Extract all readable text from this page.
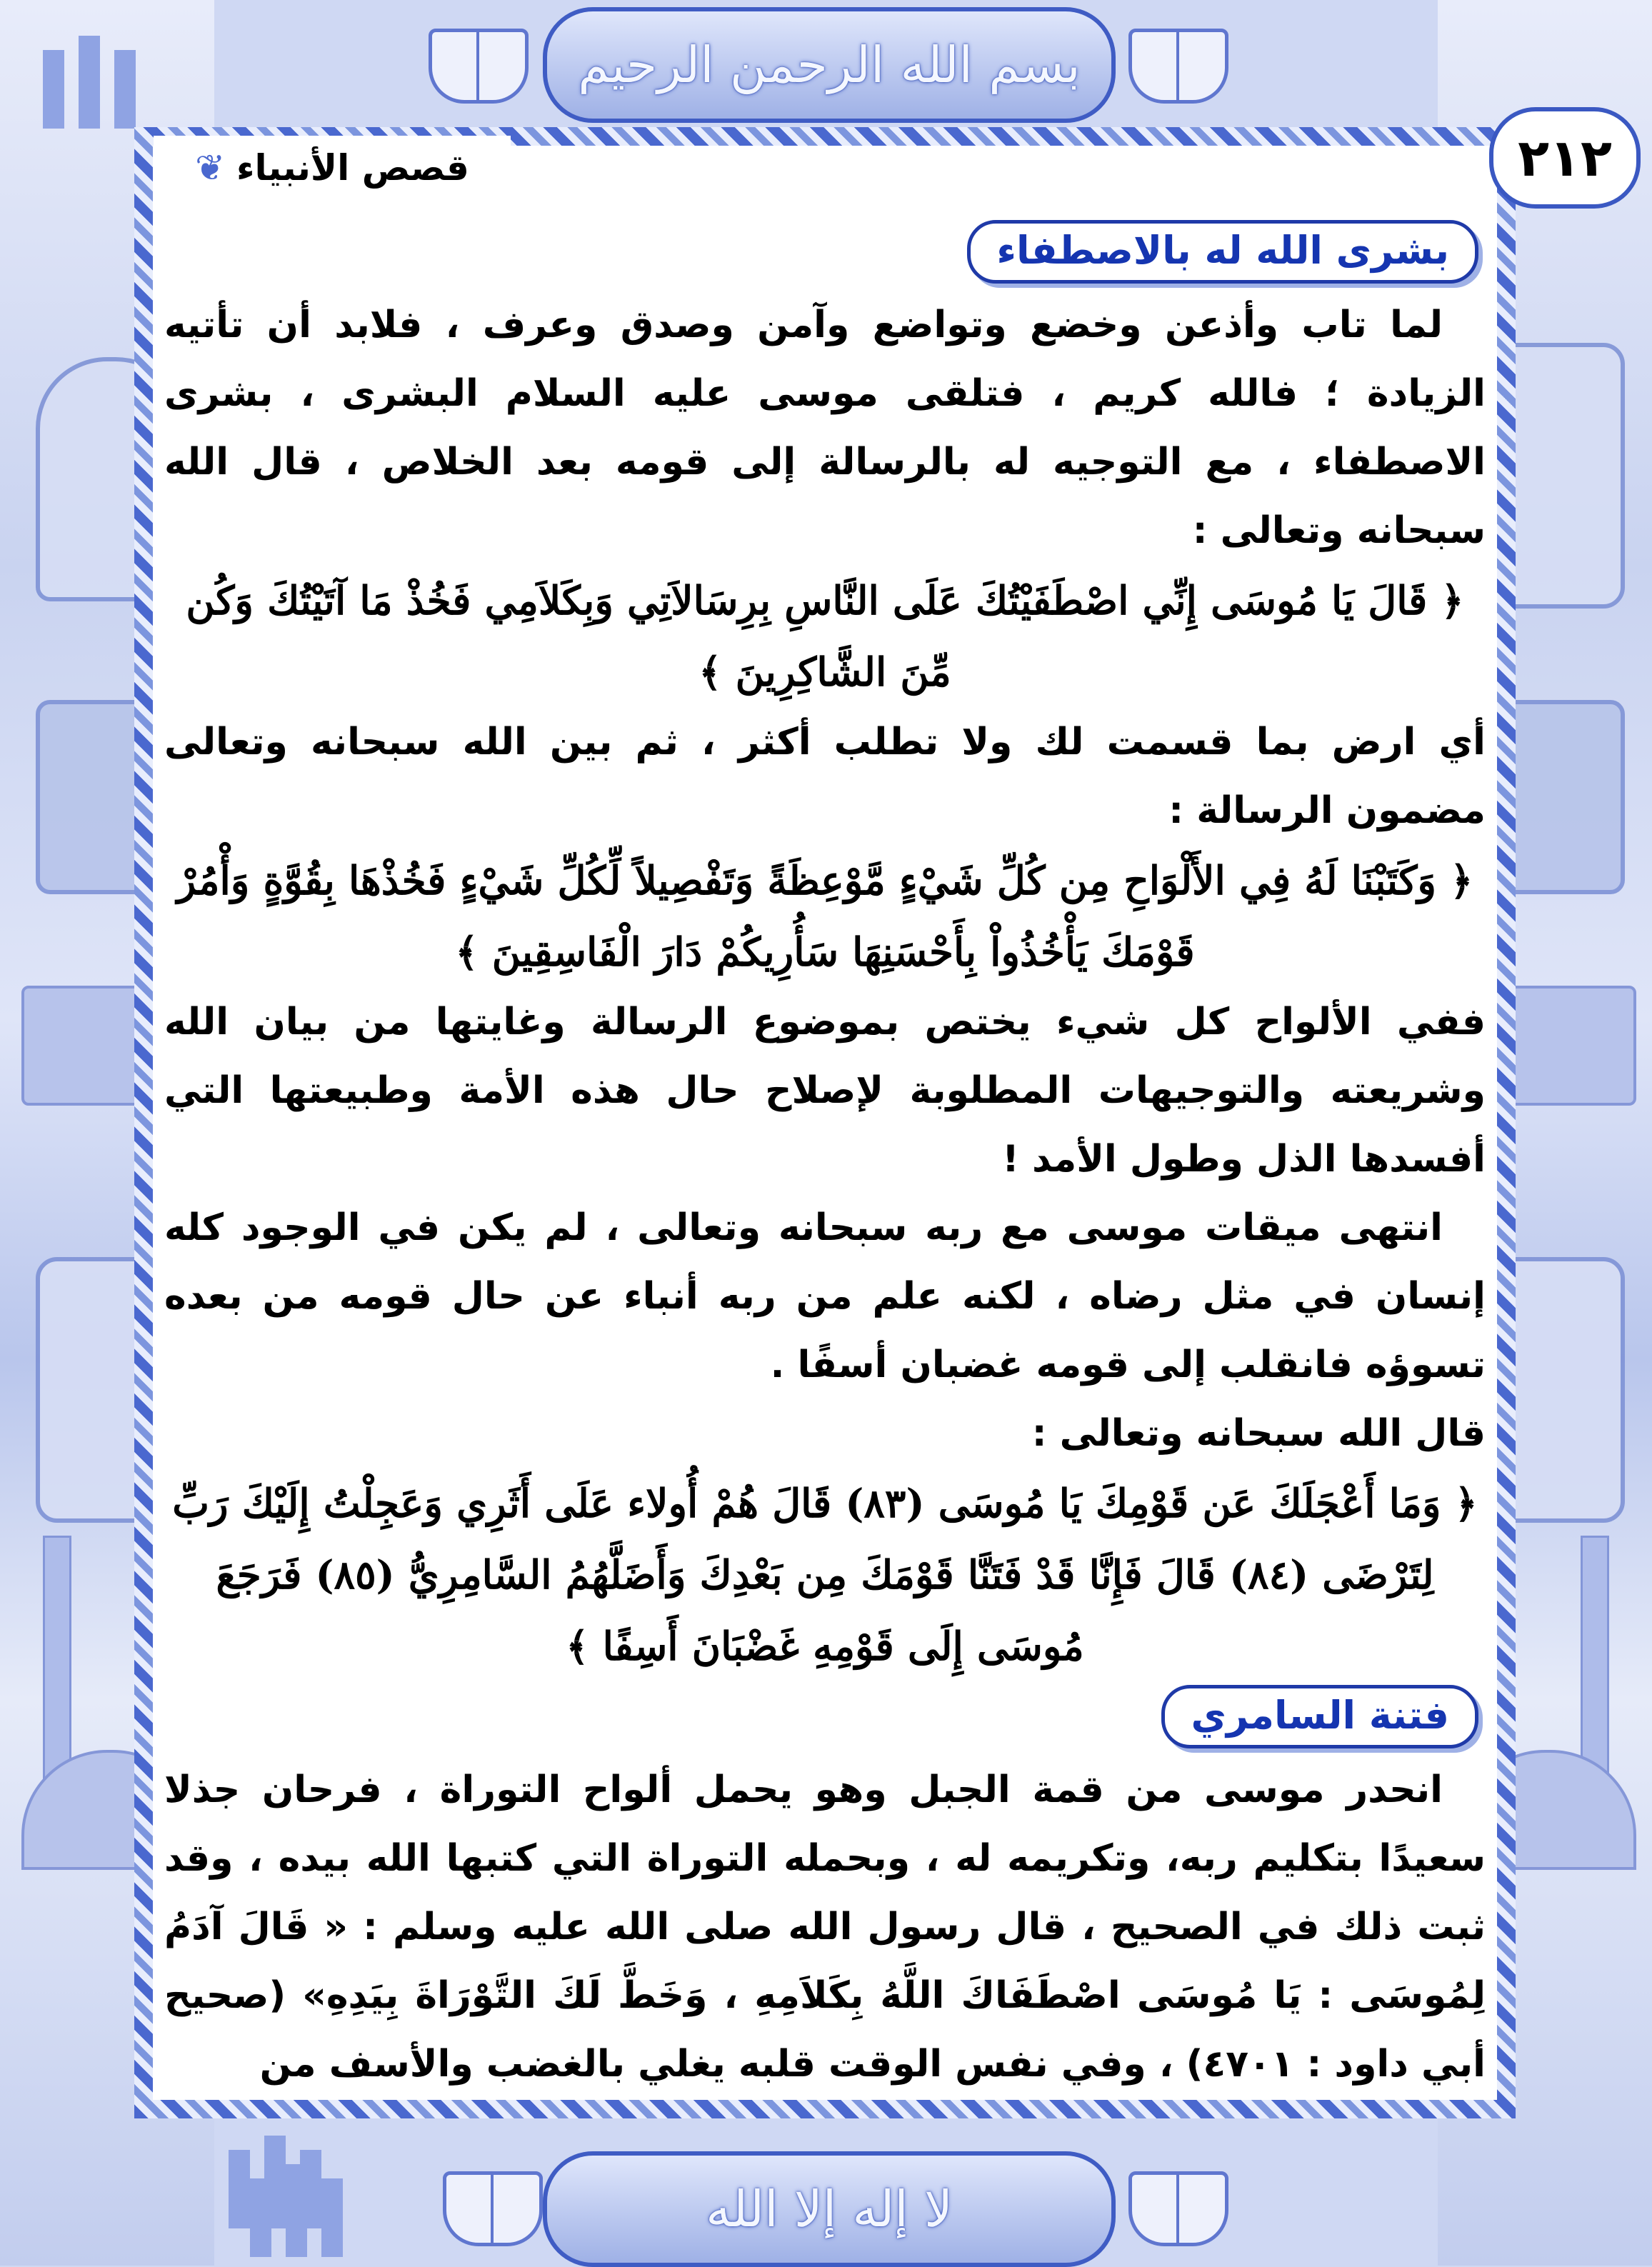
بسم الله الرحمن الرحيم
٢١٢
❦ قصص الأنبياء
بشرى الله له بالاصطفاء

لما تاب وأذعن وخضع وتواضع وآمن وصدق وعرف ، فلابد أن تأتيه الزيادة ؛ فالله كريم ، فتلقى موسى عليه السلام البشرى ، بشرى الاصطفاء ، مع التوجيه له بالرسالة إلى قومه بعد الخلاص ، قال الله سبحانه وتعالى :

﴿ قَالَ يَا مُوسَى إِنِّي اصْطَفَيْتُكَ عَلَى النَّاسِ بِرِسَالاَتِي وَبِكَلاَمِي فَخُذْ مَا آتَيْتُكَ وَكُن مِّنَ الشَّاكِرِينَ ﴾

أي ارض بما قسمت لك ولا تطلب أكثر ، ثم بين الله سبحانه وتعالى مضمون الرسالة :

﴿ وَكَتَبْنَا لَهُ فِي الأَلْوَاحِ مِن كُلِّ شَيْءٍ مَّوْعِظَةً وَتَفْصِيلاً لِّكُلِّ شَيْءٍ فَخُذْهَا بِقُوَّةٍ وَأْمُرْ قَوْمَكَ يَأْخُذُواْ بِأَحْسَنِهَا سَأُرِيكُمْ دَارَ الْفَاسِقِينَ ﴾

ففي الألواح كل شيء يختص بموضوع الرسالة وغايتها من بيان الله وشريعته والتوجيهات المطلوبة لإصلاح حال هذه الأمة وطبيعتها التي أفسدها الذل وطول الأمد !

انتهى ميقات موسى مع ربه سبحانه وتعالى ، لم يكن في الوجود كله إنسان في مثل رضاه ، لكنه علم من ربه أنباء عن حال قومه من بعده تسوؤه فانقلب إلى قومه غضبان أسفًا .

قال الله سبحانه وتعالى :

﴿ وَمَا أَعْجَلَكَ عَن قَوْمِكَ يَا مُوسَى (٨٣) قَالَ هُمْ أُولاء عَلَى أَثَرِي وَعَجِلْتُ إِلَيْكَ رَبِّ لِتَرْضَى (٨٤) قَالَ فَإِنَّا قَدْ فَتَنَّا قَوْمَكَ مِن بَعْدِكَ وَأَضَلَّهُمُ السَّامِرِيُّ (٨٥) فَرَجَعَ مُوسَى إِلَى قَوْمِهِ غَضْبَانَ أَسِفًا ﴾

فتنة السامري

انحدر موسى من قمة الجبل وهو يحمل ألواح التوراة ، فرحان جذلا سعيدًا بتكليم ربه، وتكريمه له ، وبحمله التوراة التي كتبها الله بيده ، وقد ثبت ذلك في الصحيح ، قال رسول الله صلى الله عليه وسلم : « قَالَ آدَمُ لِمُوسَى : يَا مُوسَى اصْطَفَاكَ اللَّهُ بِكَلاَمِهِ ، وَخَطَّ لَكَ التَّوْرَاةَ بِيَدِهِ» (صحيح أبي داود : ٤٧٠١) ، وفي نفس الوقت قلبه يغلي بالغضب والأسف من

لا إله إلا الله
